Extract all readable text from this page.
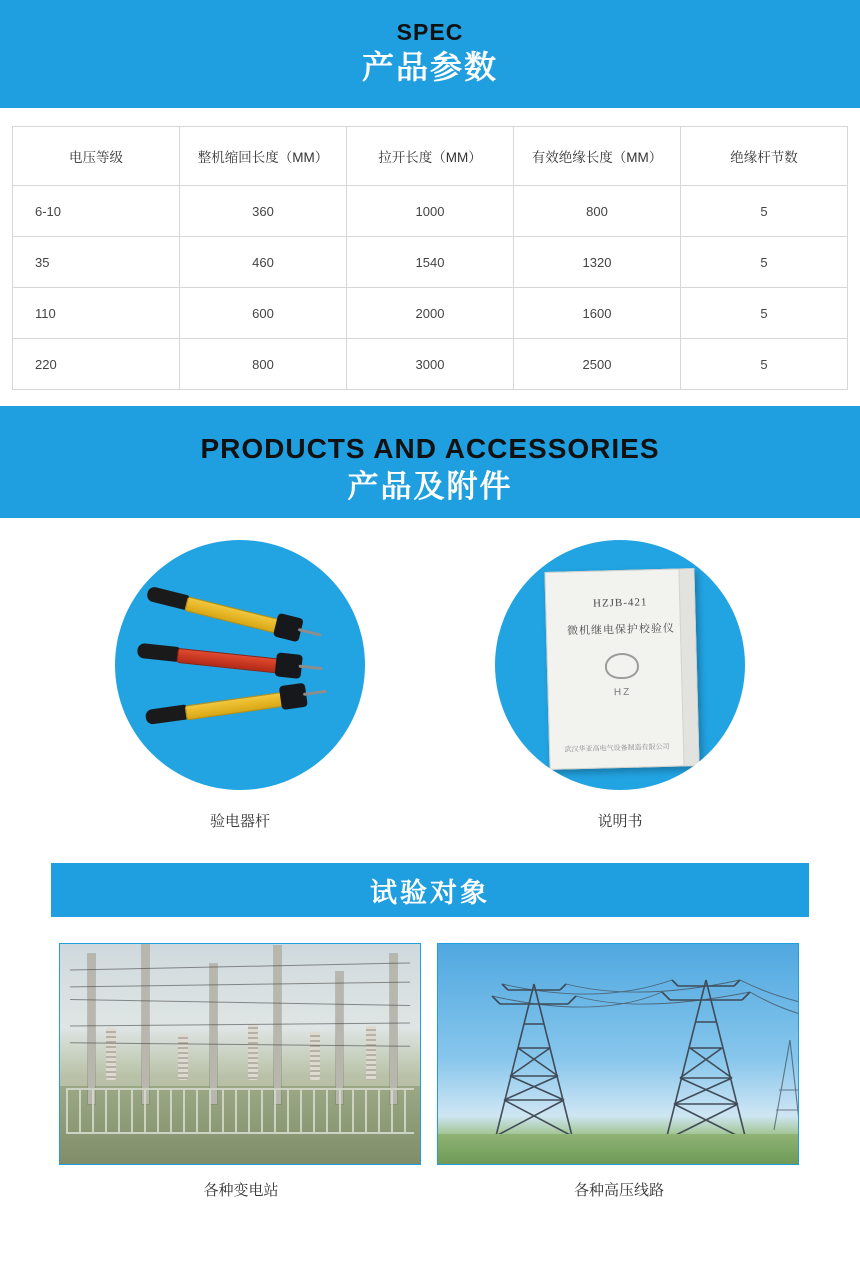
SPEC
产品参数
电压等级	整机缩回长度（MM）	拉开长度（MM）	有效绝缘长度（MM）	绝缘杆节数
6-10	360	1000	800	5
35	460	1540	1320	5
110	600	2000	1600	5
220	800	3000	2500	5
PRODUCTS AND ACCESSORIES
产品及附件
验电器杆
HZJB-421
微机继电保护校验仪
HZ
武汉华亚高电气设备制造有限公司
说明书
试验对象
各种变电站	各种高压线路
